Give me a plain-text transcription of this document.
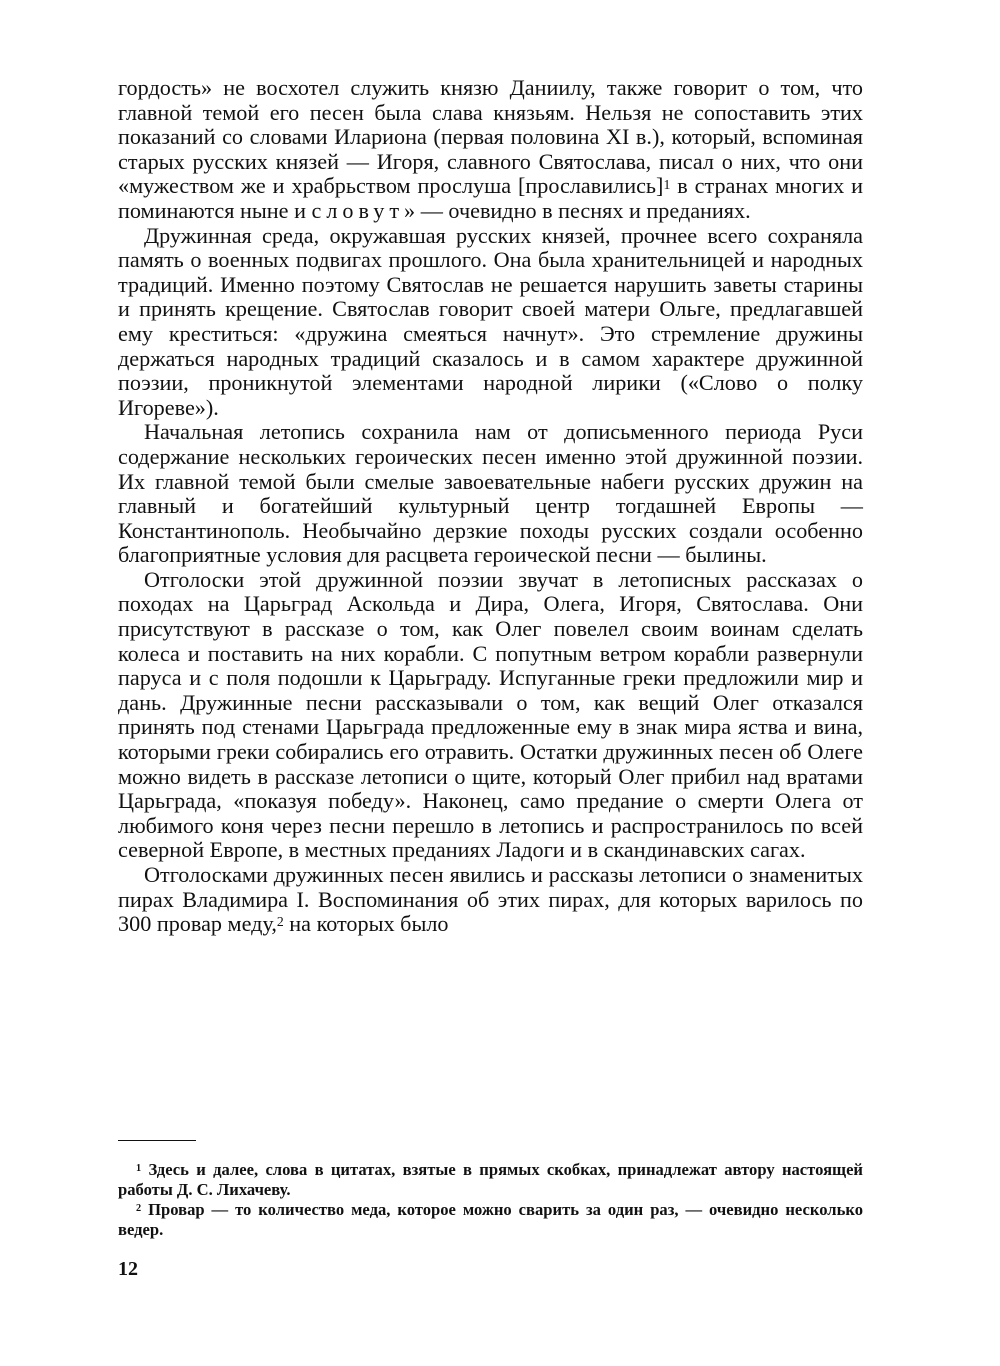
гордость» не восхотел служить князю Даниилу, также говорит о том, что главной темой его песен была слава князьям. Нельзя не сопоставить этих показаний со словами Илариона (первая половина XI в.), который, вспоминая старых русских князей — Игоря, славного Святослава, писал о них, что они «мужеством же и храбрьством прослуша [прославились]$^1$ в странах многих и поминаются ныне и словут» — очевидно в песнях и преданиях.

Дружинная среда, окружавшая русских князей, прочнее всего сохраняла память о военных подвигах прошлого. Она была хранительницей и народных традиций. Именно поэтому Святослав не решается нарушить заветы старины и принять крещение. Святослав говорит своей матери Ольге, предлагавшей ему креститься: «дружина смеяться начнут». Это стремление дружины держаться народных традиций сказалось и в самом характере дружинной поэзии, проникнутой элементами народной лирики («Слово о полку Игореве»).

Начальная летопись сохранила нам от дописьменного периода Руси содержание нескольких героических песен именно этой дружинной поэзии. Их главной темой были смелые завоевательные набеги русских дружин на главный и богатейший культурный центр тогдашней Европы — Константинополь. Необычайно дерзкие походы русских создали особенно благоприятные условия для расцвета героической песни — былины.

Отголоски этой дружинной поэзии звучат в летописных рассказах о походах на Царьград Аскольда и Дира, Олега, Игоря, Святослава. Они присутствуют в рассказе о том, как Олег повелел своим воинам сделать колеса и поставить на них корабли. С попутным ветром корабли развернули паруса и с поля подошли к Царьграду. Испуганные греки предложили мир и дань. Дружинные песни рассказывали о том, как вещий Олег отказался принять под стенами Царьграда предложенные ему в знак мира яства и вина, которыми греки собирались его отравить. Остатки дружинных песен об Олеге можно видеть в рассказе летописи о щите, который Олег прибил над вратами Царьграда, «показуя победу». Наконец, само предание о смерти Олега от любимого коня через песни перешло в летопись и распространилось по всей северной Европе, в местных преданиях Ладоги и в скандинавских сагах.

Отголосками дружинных песен явились и рассказы летописи о знаменитых пирах Владимира I. Воспоминания об этих пирах, для которых варилось по 300 провар меду,$^2$ на которых было

$^1$ Здесь и далее, слова в цитатах, взятые в прямых скобках, принадлежат автору настоящей работы Д. С. Лихачеву.

$^2$ Провар — то количество меда, которое можно сварить за один раз, — очевидно несколько ведер.

12
